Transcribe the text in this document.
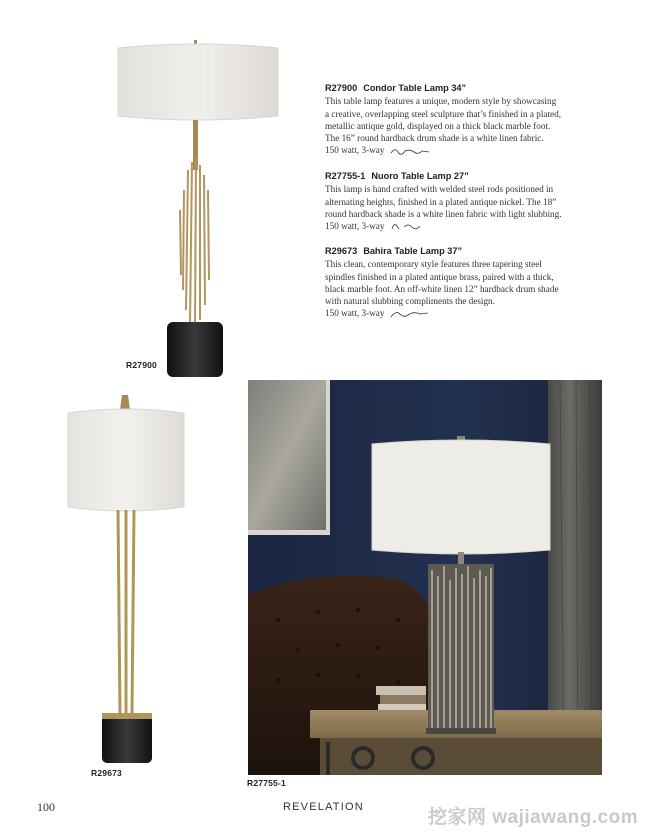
R27900
R29673
R27755-1
R27900 Condor Table Lamp 34”
This table lamp features a unique, modern style by showcasing
a creative, overlapping steel sculpture that’s finished in a plated,
metallic antique gold, displayed on a thick black marble foot.
The 16” round hardback drum shade is a white linen fabric.
150 watt, 3-way
R27755-1 Nuoro Table Lamp 27”
This lamp is hand crafted with welded steel rods positioned in
alternating heights, finished in a plated antique nickel. The 18”
round hardback shade is a white linen fabric with light slubbing.
150 watt, 3-way
R29673 Bahira Table Lamp 37”
This clean, contemporary style features three tapering steel
spindles finished in a plated antique brass, paired with a thick,
black marble foot. An off-white linen 12” hardback drum shade
with natural slubbing compliments the design.
150 watt, 3-way
100	REVELATION	挖家网 wajiawang.com
